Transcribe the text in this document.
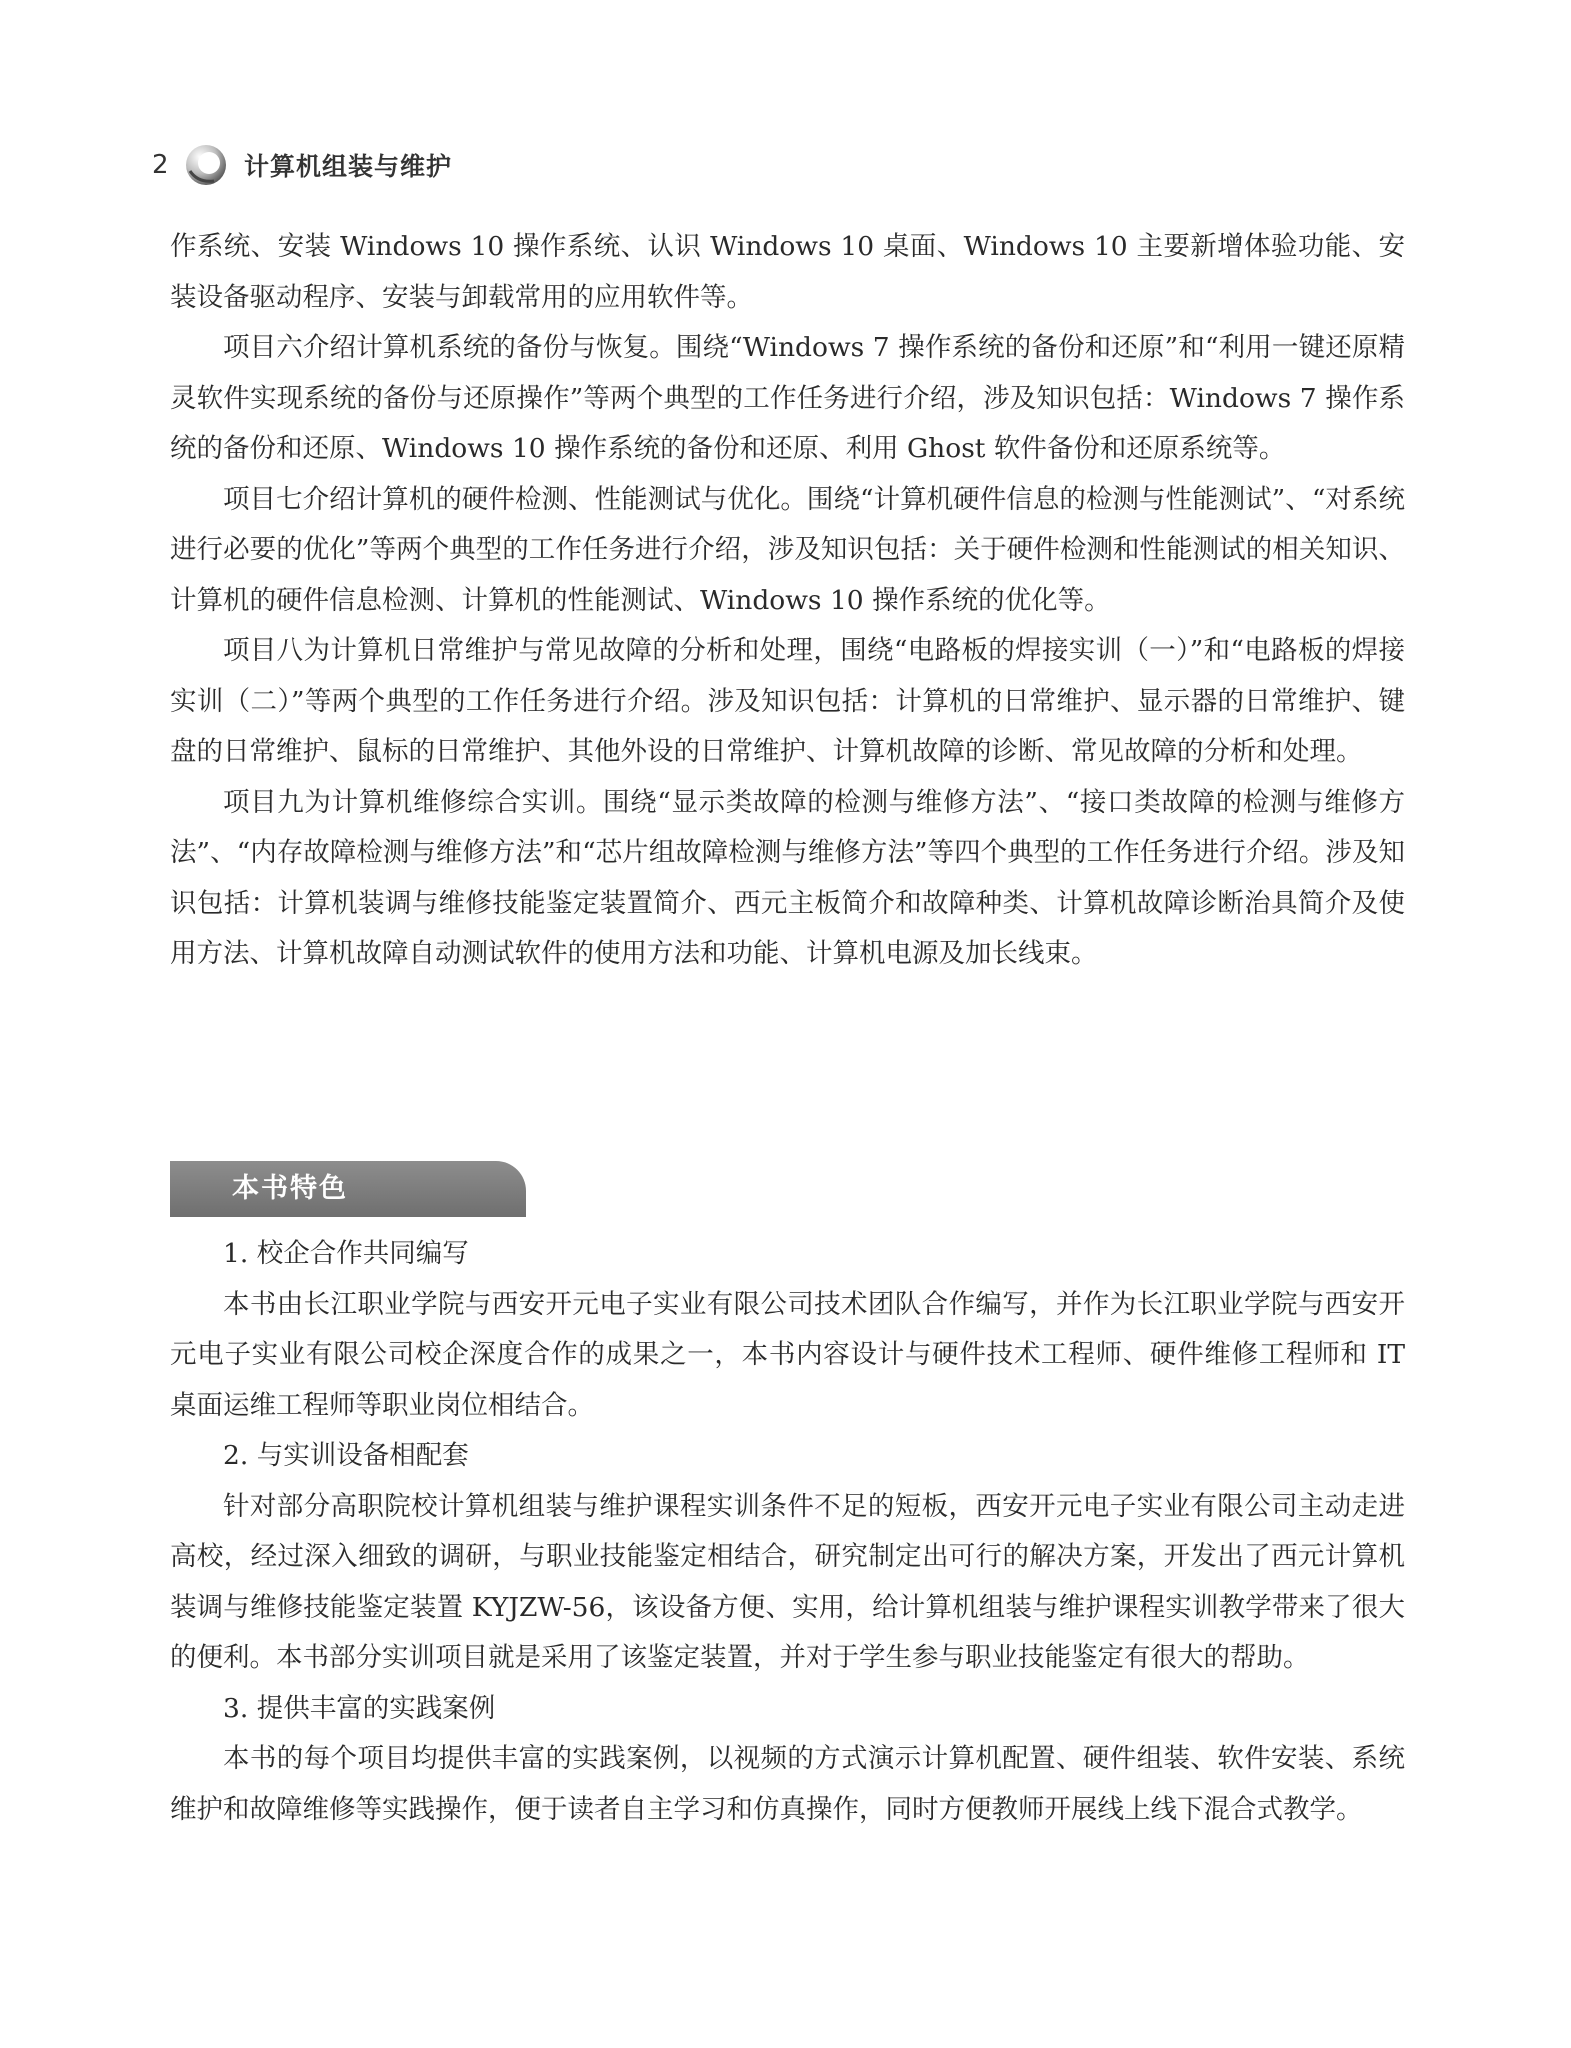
2	计算机组装与维护

作系统、安装 Windows 10 操作系统、认识 Windows 10 桌面、Windows 10 主要新增体验功能、安装设备驱动程序、安装与卸载常用的应用软件等。

项目六介绍计算机系统的备份与恢复。围绕“Windows 7 操作系统的备份和还原”和“利用一键还原精灵软件实现系统的备份与还原操作”等两个典型的工作任务进行介绍，涉及知识包括：Windows 7 操作系统的备份和还原、Windows 10 操作系统的备份和还原、利用 Ghost 软件备份和还原系统等。

项目七介绍计算机的硬件检测、性能测试与优化。围绕“计算机硬件信息的检测与性能测试”、“对系统进行必要的优化”等两个典型的工作任务进行介绍，涉及知识包括：关于硬件检测和性能测试的相关知识、计算机的硬件信息检测、计算机的性能测试、Windows 10 操作系统的优化等。

项目八为计算机日常维护与常见故障的分析和处理，围绕“电路板的焊接实训（一）”和“电路板的焊接实训（二）”等两个典型的工作任务进行介绍。涉及知识包括：计算机的日常维护、显示器的日常维护、键盘的日常维护、鼠标的日常维护、其他外设的日常维护、计算机故障的诊断、常见故障的分析和处理。

项目九为计算机维修综合实训。围绕“显示类故障的检测与维修方法”、“接口类故障的检测与维修方法”、“内存故障检测与维修方法”和“芯片组故障检测与维修方法”等四个典型的工作任务进行介绍。涉及知识包括：计算机装调与维修技能鉴定装置简介、西元主板简介和故障种类、计算机故障诊断治具简介及使用方法、计算机故障自动测试软件的使用方法和功能、计算机电源及加长线束。

本书特色

1. 校企合作共同编写

本书由长江职业学院与西安开元电子实业有限公司技术团队合作编写，并作为长江职业学院与西安开元电子实业有限公司校企深度合作的成果之一，本书内容设计与硬件技术工程师、硬件维修工程师和 IT 桌面运维工程师等职业岗位相结合。

2. 与实训设备相配套

针对部分高职院校计算机组装与维护课程实训条件不足的短板，西安开元电子实业有限公司主动走进高校，经过深入细致的调研，与职业技能鉴定相结合，研究制定出可行的解决方案，开发出了西元计算机装调与维修技能鉴定装置 KYJZW-56，该设备方便、实用，给计算机组装与维护课程实训教学带来了很大的便利。本书部分实训项目就是采用了该鉴定装置，并对于学生参与职业技能鉴定有很大的帮助。

3. 提供丰富的实践案例

本书的每个项目均提供丰富的实践案例，以视频的方式演示计算机配置、硬件组装、软件安装、系统维护和故障维修等实践操作，便于读者自主学习和仿真操作，同时方便教师开展线上线下混合式教学。
